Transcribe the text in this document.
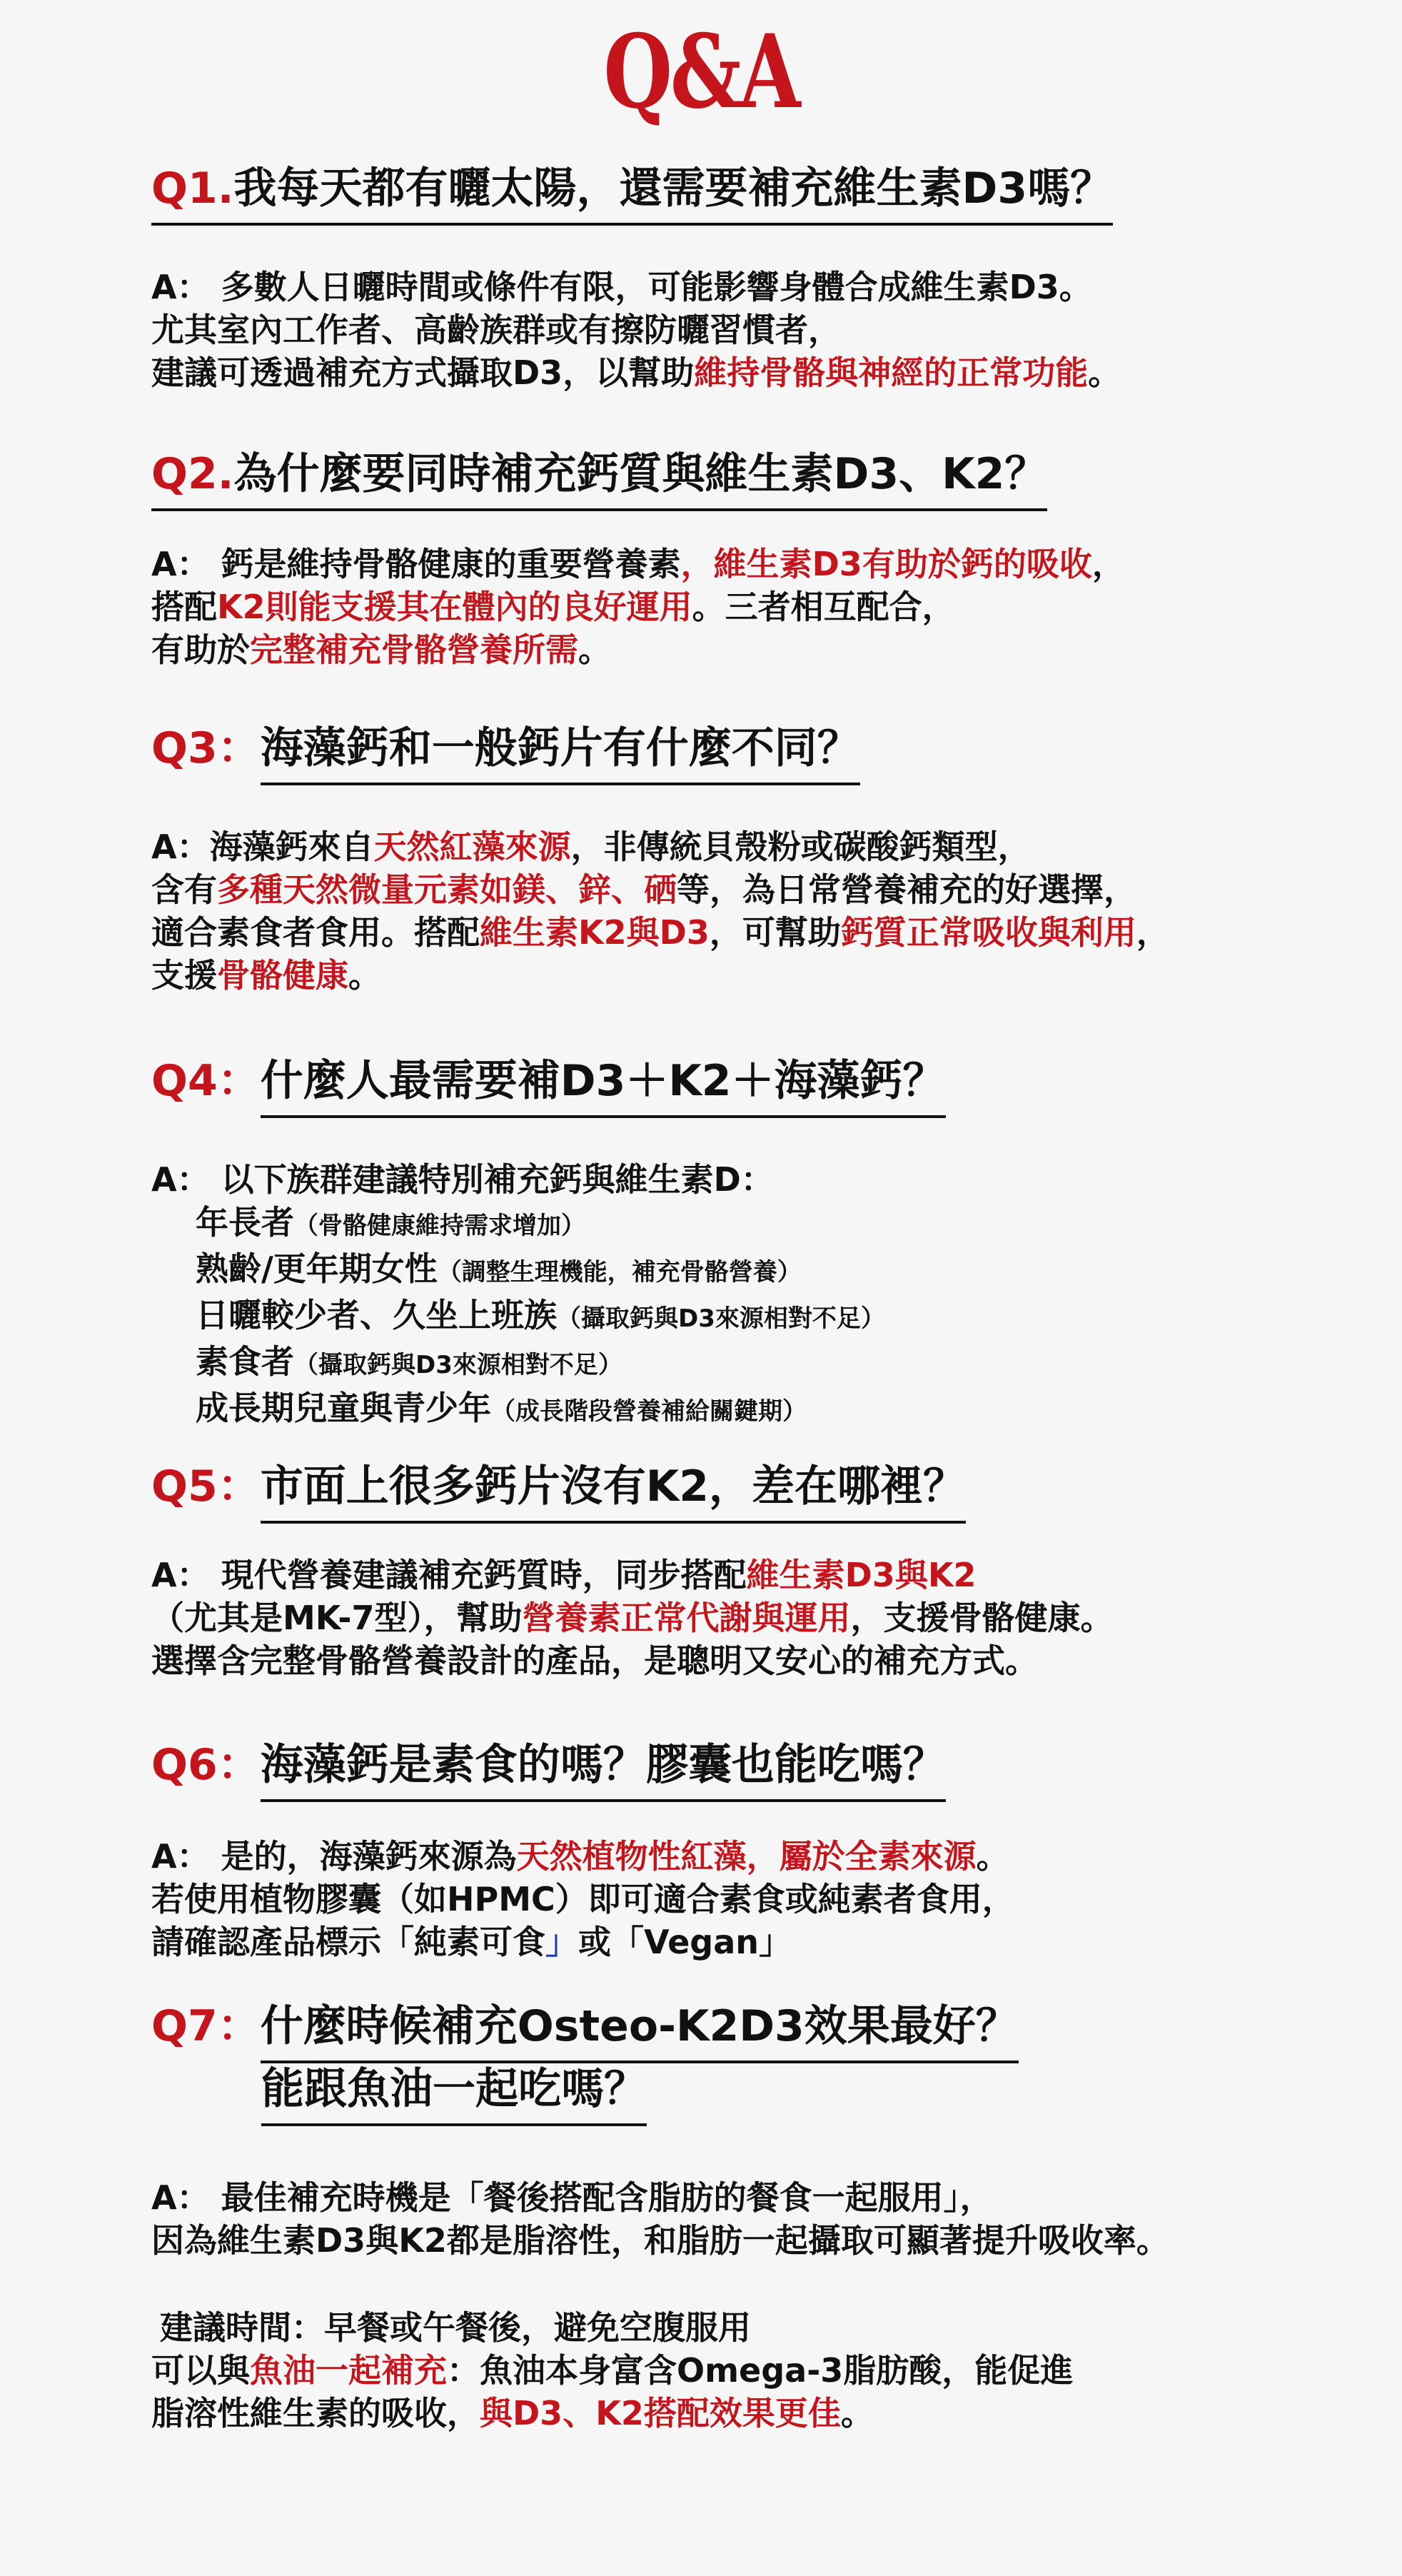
Q&A
Q1.我每天都有曬太陽，還需要補充維生素D3嗎？

A： 多數人日曬時間或條件有限，可能影響身體合成維生素D3。

尤其室內工作者、高齡族群或有擦防曬習慣者，

建議可透過補充方式攝取D3，以幫助維持骨骼與神經的正常功能。

Q2.為什麼要同時補充鈣質與維生素D3、K2？

A： 鈣是維持骨骼健康的重要營養素，維生素D3有助於鈣的吸收，

搭配K2則能支援其在體內的良好運用。三者相互配合，

有助於完整補充骨骼營養所需。

Q3：海藻鈣和一般鈣片有什麼不同？

A：海藻鈣來自天然紅藻來源，非傳統貝殼粉或碳酸鈣類型，

含有多種天然微量元素如鎂、鋅、硒等，為日常營養補充的好選擇，

適合素食者食用。搭配維生素K2與D3，可幫助鈣質正常吸收與利用，

支援骨骼健康。

Q4：什麼人最需要補D3＋K2＋海藻鈣？

A： 以下族群建議特別補充鈣與維生素D：

年長者（骨骼健康維持需求增加）

熟齡/更年期女性（調整生理機能，補充骨骼營養）

日曬較少者、久坐上班族（攝取鈣與D3來源相對不足）

素食者（攝取鈣與D3來源相對不足）

成長期兒童與青少年（成長階段營養補給關鍵期）

Q5：市面上很多鈣片沒有K2，差在哪裡？

A： 現代營養建議補充鈣質時，同步搭配維生素D3與K2

（尤其是MK-7型），幫助營養素正常代謝與運用，支援骨骼健康。

選擇含完整骨骼營養設計的產品，是聰明又安心的補充方式。

Q6：海藻鈣是素食的嗎？膠囊也能吃嗎？

A： 是的，海藻鈣來源為天然植物性紅藻，屬於全素來源。

若使用植物膠囊（如HPMC）即可適合素食或純素者食用，

請確認產品標示「純素可食」或「Vegan」

Q7：什麼時候補充Osteo-K2D3效果最好？
能跟魚油一起吃嗎？

A： 最佳補充時機是「餐後搭配含脂肪的餐食一起服用」，

因為維生素D3與K2都是脂溶性，和脂肪一起攝取可顯著提升吸收率。

建議時間：早餐或午餐後，避免空腹服用

可以與魚油一起補充：魚油本身富含Omega-3脂肪酸，能促進

脂溶性維生素的吸收，與D3、K2搭配效果更佳。
